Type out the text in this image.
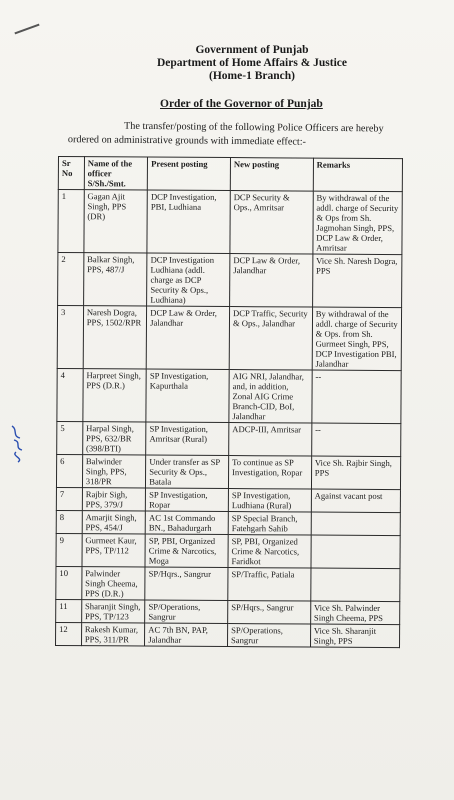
Government of Punjab
Department of Home Affairs & Justice
(Home-1 Branch)
Order of the Governor of Punjab
The transfer/posting of the following Police Officers are hereby
ordered on administrative grounds with immediate effect:-
Sr No	Name of the officer S/Sh./Smt.	Present posting	New posting	Remarks
1	Gagan Ajit Singh, PPS (DR)	DCP Investigation, PBI, Ludhiana	DCP Security & Ops., Amritsar	By withdrawal of the addl. charge of Security & Ops from Sh. Jagmohan Singh, PPS, DCP Law & Order, Amritsar
2	Balkar Singh, PPS, 487/J	DCP Investigation Ludhiana (addl. charge as DCP Security & Ops., Ludhiana)	DCP Law & Order, Jalandhar	Vice Sh. Naresh Dogra, PPS
3	Naresh Dogra, PPS, 1502/RPR	DCP Law & Order, Jalandhar	DCP Traffic, Security & Ops., Jalandhar	By withdrawal of the addl. charge of Security & Ops. from Sh. Gurmeet Singh, PPS, DCP Investigation PBI, Jalandhar
4	Harpreet Singh, PPS (D.R.)	SP Investigation, Kapurthala	AIG NRI, Jalandhar, and, in addition, Zonal AIG Crime Branch-CID, BoI, Jalandhar	--
5	Harpal Singh, PPS, 632/BR (398/BTI)	SP Investigation, Amritsar (Rural)	ADCP-III, Amritsar	--
6	Balwinder Singh, PPS, 318/PR	Under transfer as SP Security & Ops., Batala	To continue as SP Investigation, Ropar	Vice Sh. Rajbir Singh, PPS
7	Rajbir Sigh, PPS, 379/J	SP Investigation, Ropar	SP Investigation, Ludhiana (Rural)	Against vacant post
8	Amarjit Singh, PPS, 454/J	AC 1st Commando BN., Bahadurgarh	SP Special Branch, Fatehgarh Sahib	
9	Gurmeet Kaur, PPS, TP/112	SP, PBI, Organized Crime & Narcotics, Moga	SP, PBI, Organized Crime & Narcotics, Faridkot	
10	Palwinder Singh Cheema, PPS (D.R.)	SP/Hqrs., Sangrur	SP/Traffic, Patiala	
11	Sharanjit Singh, PPS, TP/123	SP/Operations, Sangrur	SP/Hqrs., Sangrur	Vice Sh. Palwinder Singh Cheema, PPS
12	Rakesh Kumar, PPS, 311/PR	AC 7th BN, PAP, Jalandhar	SP/Operations, Sangrur	Vice Sh. Sharanjit Singh, PPS
